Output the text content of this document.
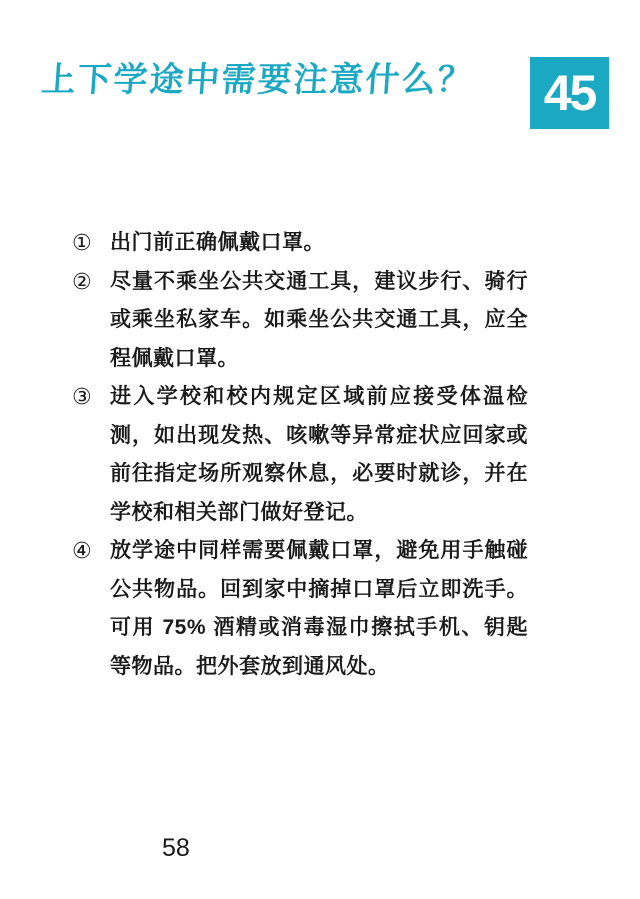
上下学途中需要注意什么？ 45
① 出门前正确佩戴口罩。
② 尽量不乘坐公共交通工具，建议步行、骑行或乘坐私家车。如乘坐公共交通工具，应全程佩戴口罩。
③ 进入学校和校内规定区域前应接受体温检测，如出现发热、咳嗽等异常症状应回家或前往指定场所观察休息，必要时就诊，并在学校和相关部门做好登记。
④ 放学途中同样需要佩戴口罩，避免用手触碰公共物品。回到家中摘掉口罩后立即洗手。可用 75% 酒精或消毒湿巾擦拭手机、钥匙等物品。把外套放到通风处。
58
